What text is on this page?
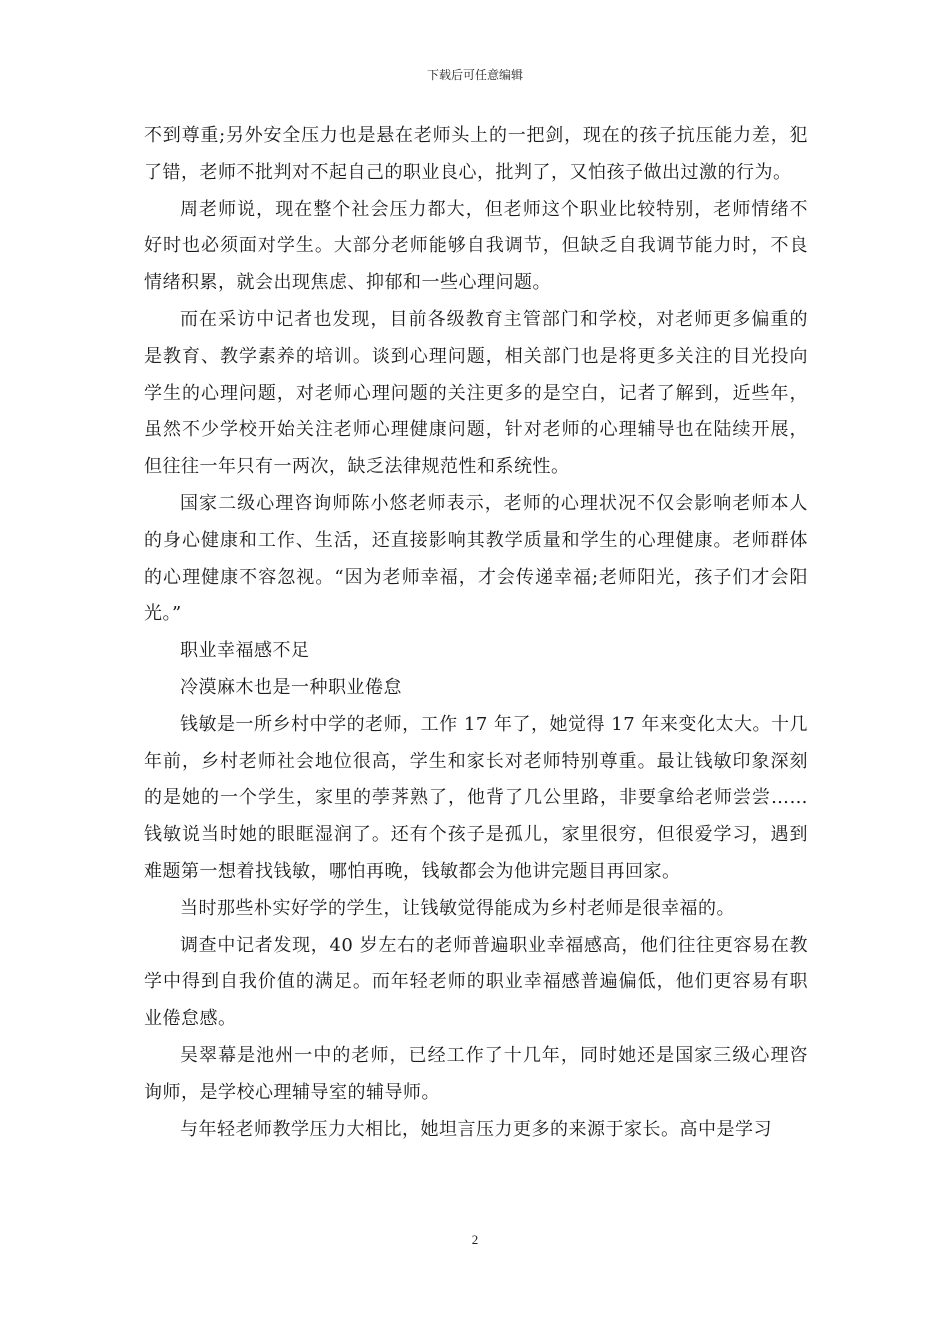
下载后可任意编辑

不到尊重;另外安全压力也是悬在老师头上的一把剑，现在的孩子抗压能力差，犯了错，老师不批判对不起自己的职业良心，批判了，又怕孩子做出过激的行为。

周老师说，现在整个社会压力都大，但老师这个职业比较特别，老师情绪不好时也必须面对学生。大部分老师能够自我调节，但缺乏自我调节能力时，不良情绪积累，就会出现焦虑、抑郁和一些心理问题。

而在采访中记者也发现，目前各级教育主管部门和学校，对老师更多偏重的是教育、教学素养的培训。谈到心理问题，相关部门也是将更多关注的目光投向学生的心理问题，对老师心理问题的关注更多的是空白，记者了解到，近些年，虽然不少学校开始关注老师心理健康问题，针对老师的心理辅导也在陆续开展，但往往一年只有一两次，缺乏法律规范性和系统性。

国家二级心理咨询师陈小悠老师表示，老师的心理状况不仅会影响老师本人的身心健康和工作、生活，还直接影响其教学质量和学生的心理健康。老师群体的心理健康不容忽视。“因为老师幸福，才会传递幸福;老师阳光，孩子们才会阳光。”

职业幸福感不足

冷漠麻木也是一种职业倦怠

钱敏是一所乡村中学的老师，工作 17 年了，她觉得 17 年来变化太大。十几年前，乡村老师社会地位很高，学生和家长对老师特别尊重。最让钱敏印象深刻的是她的一个学生，家里的荸荠熟了，他背了几公里路，非要拿给老师尝尝……钱敏说当时她的眼眶湿润了。还有个孩子是孤儿，家里很穷，但很爱学习，遇到难题第一想着找钱敏，哪怕再晚，钱敏都会为他讲完题目再回家。

当时那些朴实好学的学生，让钱敏觉得能成为乡村老师是很幸福的。

调查中记者发现，40 岁左右的老师普遍职业幸福感高，他们往往更容易在教学中得到自我价值的满足。而年轻老师的职业幸福感普遍偏低，他们更容易有职业倦怠感。

吴翠幕是池州一中的老师，已经工作了十几年，同时她还是国家三级心理咨询师，是学校心理辅导室的辅导师。

与年轻老师教学压力大相比，她坦言压力更多的来源于家长。高中是学习

2
